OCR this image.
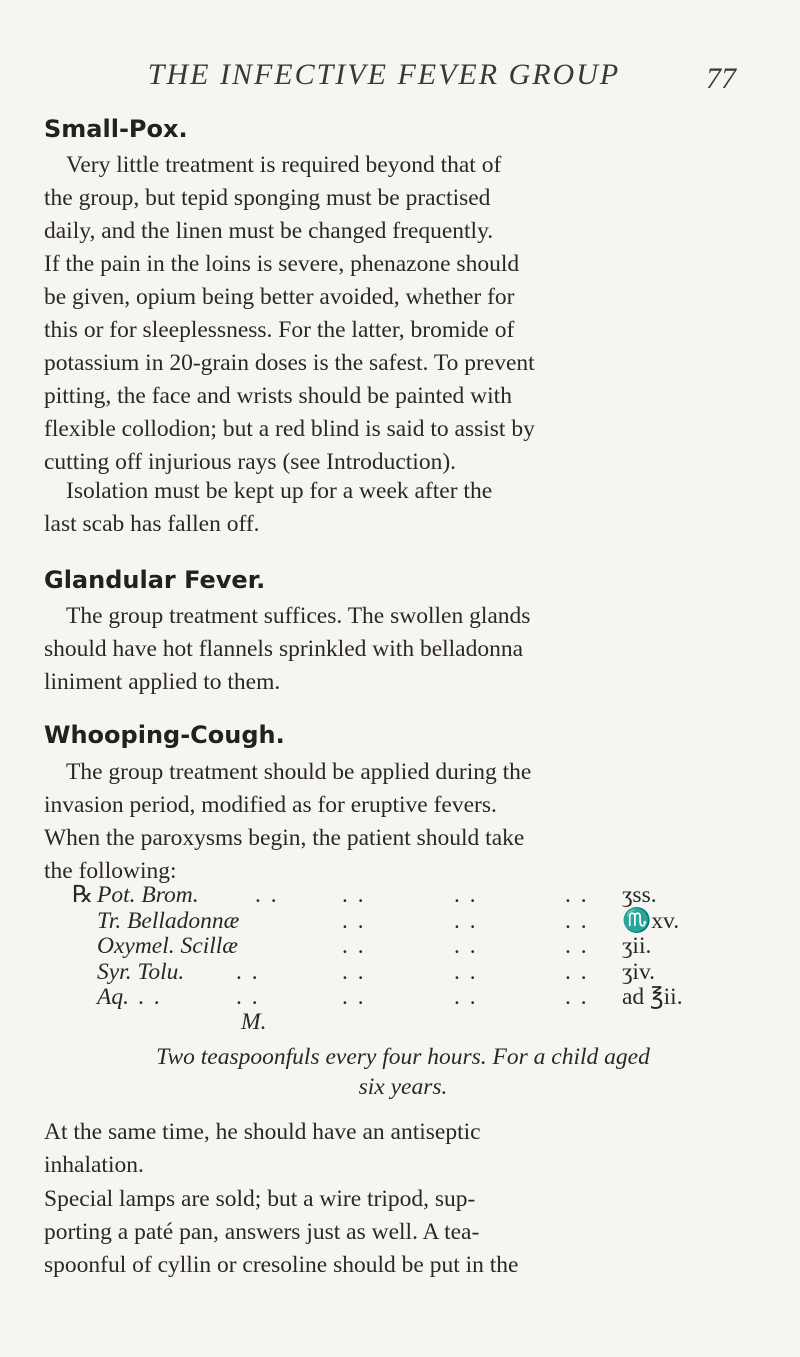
THE INFECTIVE FEVER GROUP	77
Small-Pox.
Very little treatment is required beyond that of
the group, but tepid sponging must be practised
daily, and the linen must be changed frequently.
If the pain in the loins is severe, phenazone should
be given, opium being better avoided, whether for
this or for sleeplessness. For the latter, bromide of
potassium in 20-grain doses is the safest. To prevent
pitting, the face and wrists should be painted with
flexible collodion; but a red blind is said to assist by
cutting off injurious rays (see Introduction).
Isolation must be kept up for a week after the
last scab has fallen off.
Glandular Fever.
The group treatment suffices. The swollen glands
should have hot flannels sprinkled with belladonna
liniment applied to them.
Whooping-Cough.
The group treatment should be applied during the
invasion period, modified as for eruptive fevers.
When the paroxysms begin, the patient should take
the following:
℞ Pot. Brom. . .	. .	. .	. . ʒss.
Tr. Belladonnæ	. .	. .	. . ♏xv.
Oxymel. Scillæ	. .	. .	. . ʒii.
Syr. Tolu. . .	. .	. .	. . ʒiv.
Aq. . .	. .	. .	. .	. . ad ℥ii.
M.
Two teaspoonfuls every four hours. For a child aged
six years.
At the same time, he should have an antiseptic
inhalation.
Special lamps are sold; but a wire tripod, sup-
porting a paté pan, answers just as well. A tea-
spoonful of cyllin or cresoline should be put in the
